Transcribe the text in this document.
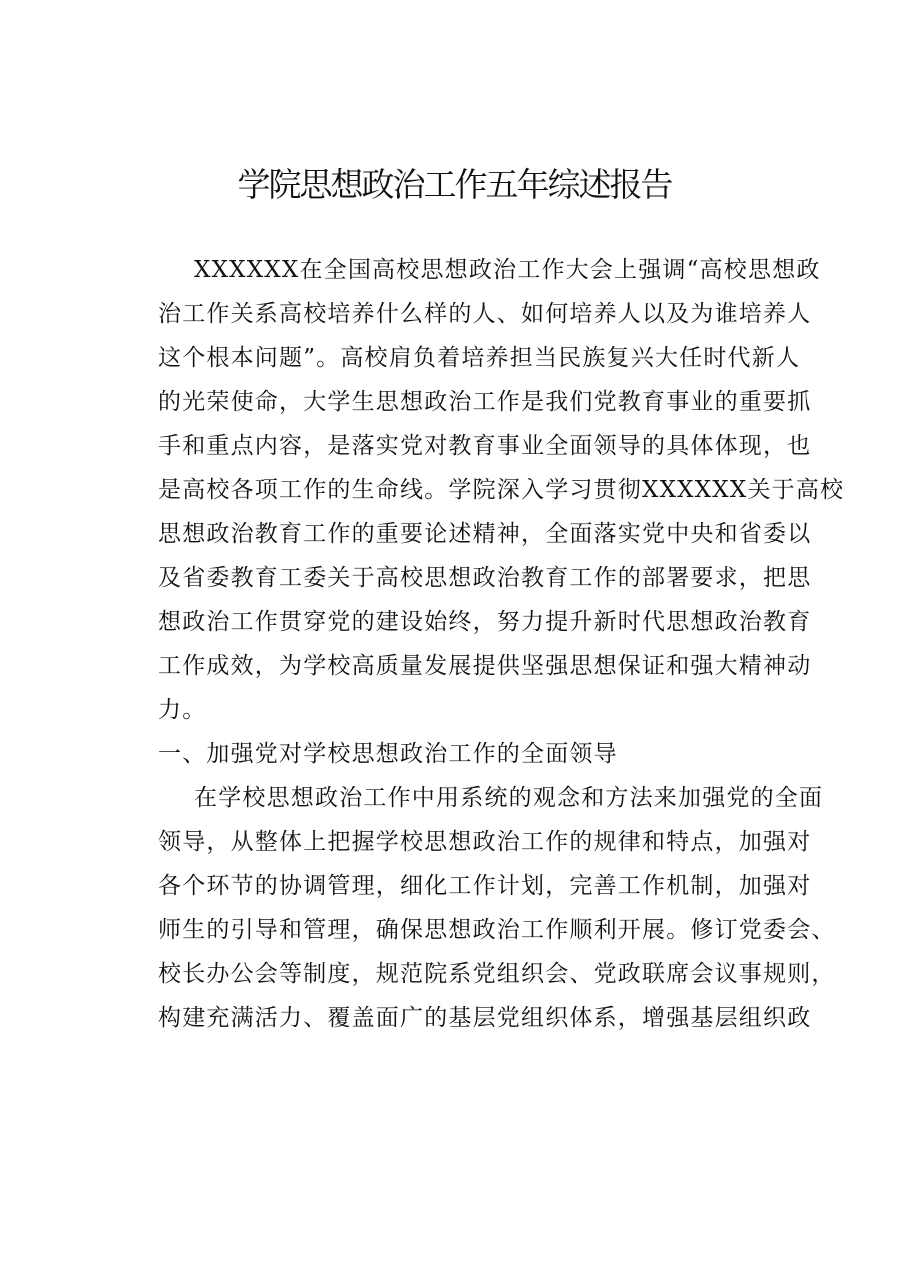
学院思想政治工作五年综述报告
XXXXXX在全国高校思想政治工作大会上强调“高校思想政
治工作关系高校培养什么样的人、如何培养人以及为谁培养人
这个根本问题”。高校肩负着培养担当民族复兴大任时代新人
的光荣使命，大学生思想政治工作是我们党教育事业的重要抓
手和重点内容，是落实党对教育事业全面领导的具体体现，也
是高校各项工作的生命线。学院深入学习贯彻XXXXXX关于高校
思想政治教育工作的重要论述精神，全面落实党中央和省委以
及省委教育工委关于高校思想政治教育工作的部署要求，把思
想政治工作贯穿党的建设始终，努力提升新时代思想政治教育
工作成效，为学校高质量发展提供坚强思想保证和强大精神动
力。
一、加强党对学校思想政治工作的全面领导
在学校思想政治工作中用系统的观念和方法来加强党的全面
领导，从整体上把握学校思想政治工作的规律和特点，加强对
各个环节的协调管理，细化工作计划，完善工作机制，加强对
师生的引导和管理，确保思想政治工作顺利开展。修订党委会、
校长办公会等制度，规范院系党组织会、党政联席会议事规则，
构建充满活力、覆盖面广的基层党组织体系，增强基层组织政
